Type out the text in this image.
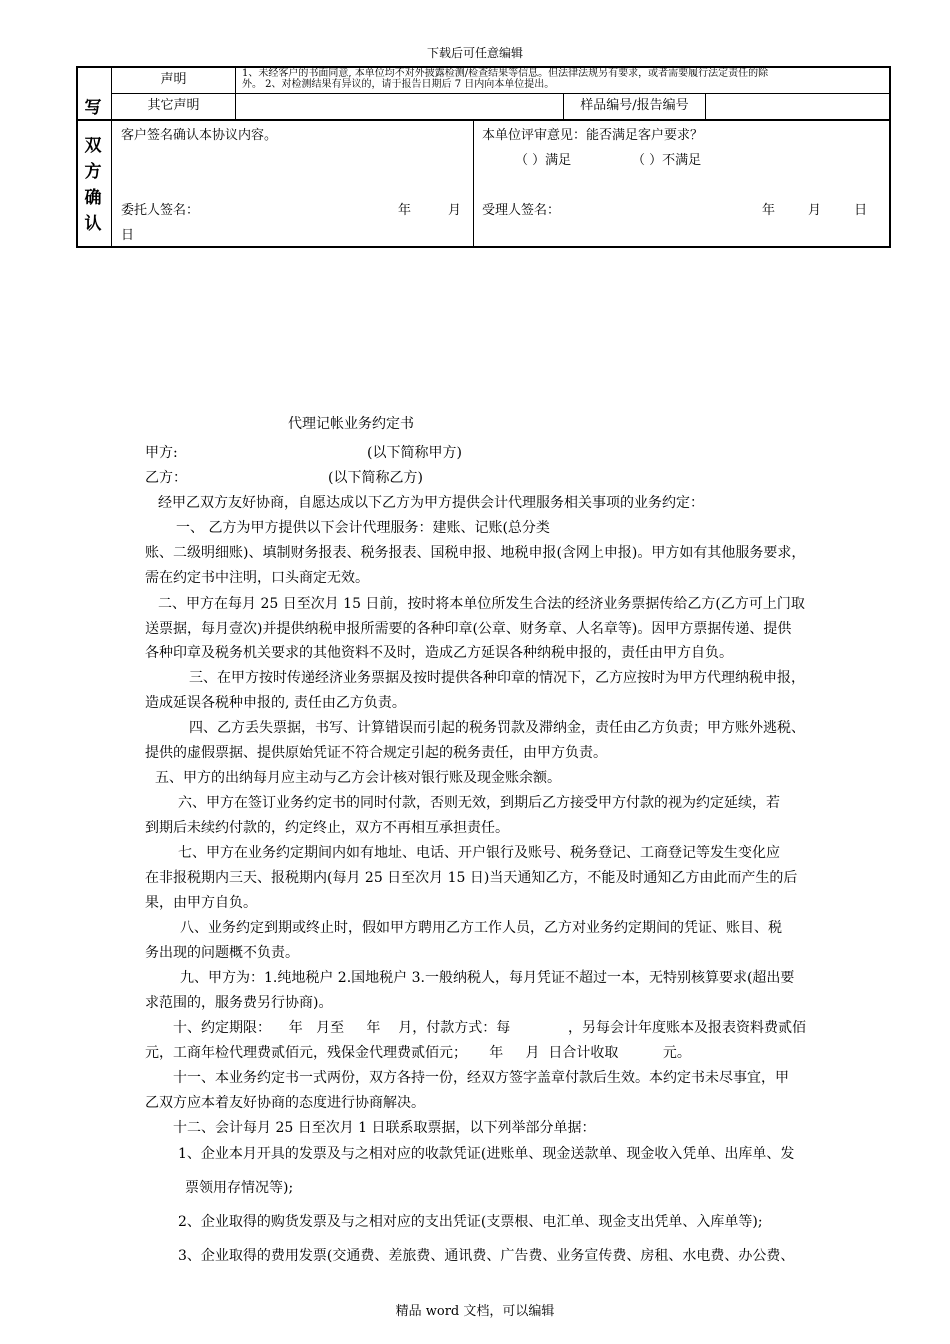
下载后可任意编辑
写
声明	1、未经客户的书面同意, 本单位均不对外披露检测/检查结果等信息。但法律法规另有要求，或者需要履行法定责任的除
外。 2、对检测结果有异议的，请于报告日期后 7 日内向本单位提出。
其它声明	样品编号/报告编号
双
方
确
认
客户签名确认本协议内容。
委托人签名：	年	月
日
本单位评审意见：能否满足客户要求？
（ ）满足	（ ）不满足
受理人签名：	年        月        日
代理记帐业务约定书
甲方:	(以下简称甲方)
乙方：	(以下简称乙方)
经甲乙双方友好协商，自愿达成以下乙方为甲方提供会计代理服务相关事项的业务约定：
一、 乙方为甲方提供以下会计代理服务：建账、记账(总分类
账、二级明细账)、填制财务报表、税务报表、国税申报、地税申报(含网上申报)。甲方如有其他服务要求，
需在约定书中注明，口头商定无效。
二、甲方在每月 25 日至次月 15 日前，按时将本单位所发生合法的经济业务票据传给乙方(乙方可上门取
送票据，每月壹次)并提供纳税申报所需要的各种印章(公章、财务章、人名章等)。因甲方票据传递、提供
各种印章及税务机关要求的其他资料不及时，造成乙方延误各种纳税申报的，责任由甲方自负。
三、在甲方按时传递经济业务票据及按时提供各种印章的情况下，乙方应按时为甲方代理纳税申报，
造成延误各税种申报的, 责任由乙方负责。
四、乙方丢失票据，书写、计算错误而引起的税务罚款及滞纳金，责任由乙方负责；甲方账外逃税、
提供的虚假票据、提供原始凭证不符合规定引起的税务责任，由甲方负责。
五、甲方的出纳每月应主动与乙方会计核对银行账及现金账余额。
六、甲方在签订业务约定书的同时付款，否则无效，到期后乙方接受甲方付款的视为约定延续，若
到期后未续约付款的，约定终止，双方不再相互承担责任。
七、甲方在业务约定期间内如有地址、电话、开户银行及账号、税务登记、工商登记等发生变化应
在非报税期内三天、报税期内(每月 25 日至次月 15 日)当天通知乙方，不能及时通知乙方由此而产生的后
果，由甲方自负。
八、业务约定到期或终止时，假如甲方聘用乙方工作人员，乙方对业务约定期间的凭证、账目、税
务出现的问题概不负责。
九、甲方为：1.纯地税户 2.国地税户 3.一般纳税人，每月凭证不超过一本，无特别核算要求(超出要
求范围的，服务费另行协商)。
十、约定期限：    年   月至     年    月，付款方式：每             ，另每会计年度账本及报表资料费贰佰
元，工商年检代理费贰佰元，残保金代理费贰佰元；     年     月  日合计收取          元。
十一、本业务约定书一式两份，双方各持一份，经双方签字盖章付款后生效。本约定书未尽事宜，甲
乙双方应本着友好协商的态度进行协商解决。
十二、会计每月 25 日至次月 1 日联系取票据，以下列举部分单据：
1、企业本月开具的发票及与之相对应的收款凭证(进账单、现金送款单、现金收入凭单、出库单、发
票领用存情况等);
2、企业取得的购货发票及与之相对应的支出凭证(支票根、电汇单、现金支出凭单、入库单等);
3、企业取得的费用发票(交通费、差旅费、通讯费、广告费、业务宣传费、房租、水电费、办公费、
精品 word 文档，可以编辑
